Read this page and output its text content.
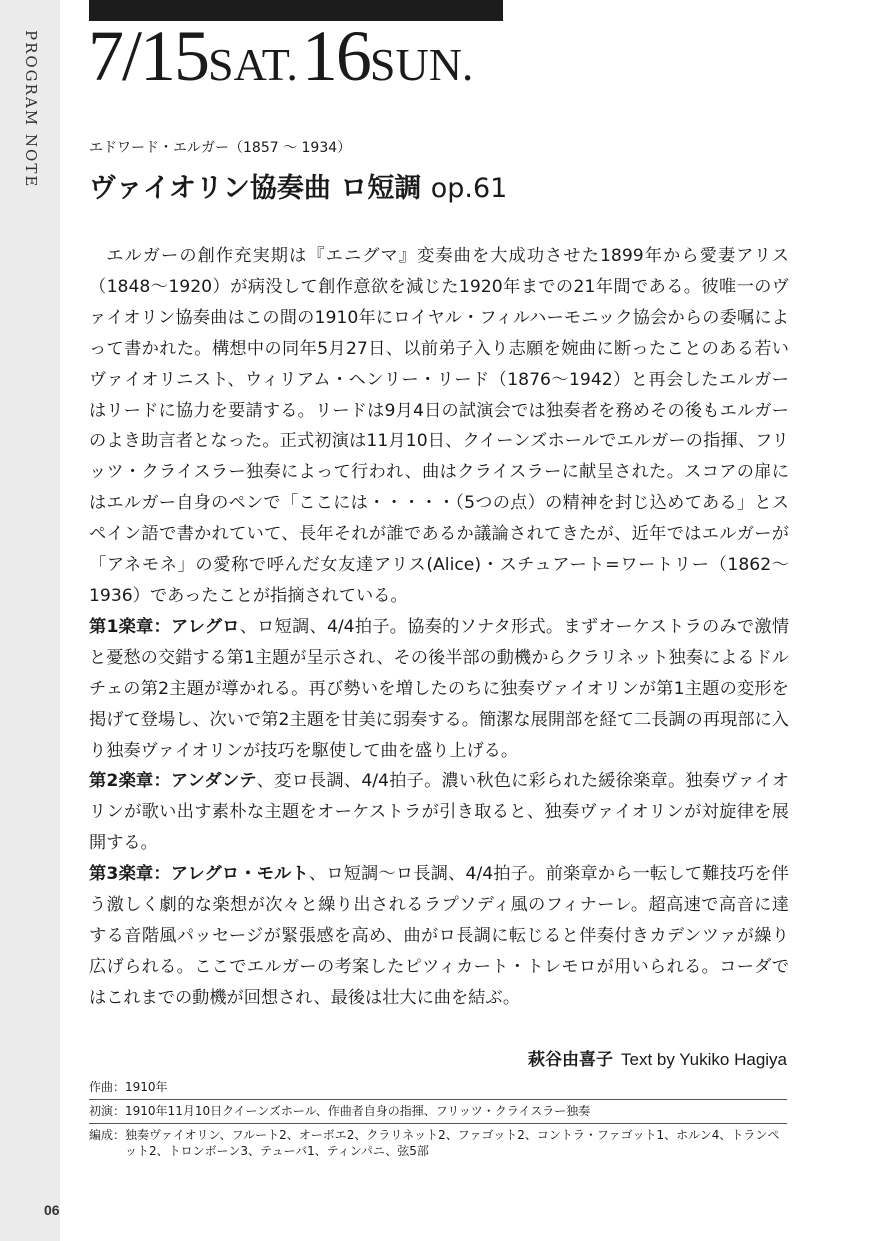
PROGRAM NOTE
06
7/15SAT. 16SUN.
エドワード・エルガー（1857 ～ 1934）
ヴァイオリン協奏曲 ロ短調 op.61

エルガーの創作充実期は『エニグマ』変奏曲を大成功させた1899年から愛妻アリス（1848～1920）が病没して創作意欲を減じた1920年までの21年間である。彼唯一のヴァイオリン協奏曲はこの間の1910年にロイヤル・フィルハーモニック協会からの委嘱によって書かれた。構想中の同年5月27日、以前弟子入り志願を婉曲に断ったことのある若いヴァイオリニスト、ウィリアム・ヘンリー・リード（1876～1942）と再会したエルガーはリードに協力を要請する。リードは9月4日の試演会では独奏者を務めその後もエルガーのよき助言者となった。正式初演は11月10日、クイーンズホールでエルガーの指揮、フリッツ・クライスラー独奏によって行われ、曲はクライスラーに献呈された。スコアの扉にはエルガー自身のペンで「ここには・・・・・（5つの点）の精神を封じ込めてある」とスペイン語で書かれていて、長年それが誰であるか議論されてきたが、近年ではエルガーが「アネモネ」の愛称で呼んだ女友達アリス(Alice)・スチュアート=ワートリー（1862～1936）であったことが指摘されている。

第1楽章：アレグロ、ロ短調、4/4拍子。協奏的ソナタ形式。まずオーケストラのみで激情と憂愁の交錯する第1主題が呈示され、その後半部の動機からクラリネット独奏によるドルチェの第2主題が導かれる。再び勢いを増したのちに独奏ヴァイオリンが第1主題の変形を掲げて登場し、次いで第2主題を甘美に弱奏する。簡潔な展開部を経て二長調の再現部に入り独奏ヴァイオリンが技巧を駆使して曲を盛り上げる。

第2楽章：アンダンテ、変ロ長調、4/4拍子。濃い秋色に彩られた緩徐楽章。独奏ヴァイオリンが歌い出す素朴な主題をオーケストラが引き取ると、独奏ヴァイオリンが対旋律を展開する。

第3楽章：アレグロ・モルト、ロ短調～ロ長調、4/4拍子。前楽章から一転して難技巧を伴う激しく劇的な楽想が次々と繰り出されるラプソディ風のフィナーレ。超高速で高音に達する音階風パッセージが緊張感を高め、曲がロ長調に転じると伴奏付きカデンツァが繰り広げられる。ここでエルガーの考案したピツィカート・トレモロが用いられる。コーダではこれまでの動機が回想され、最後は壮大に曲を結ぶ。

萩谷由喜子 Text by Yukiko Hagiya
作曲： 1910年
初演： 1910年11月10日クイーンズホール、作曲者自身の指揮、フリッツ・クライスラー独奏
編成： 独奏ヴァイオリン、フルート2、オーボエ2、クラリネット2、ファゴット2、コントラ・ファゴット1、ホルン4、トランペット2、トロンボーン3、テューバ1、ティンパニ、弦5部
